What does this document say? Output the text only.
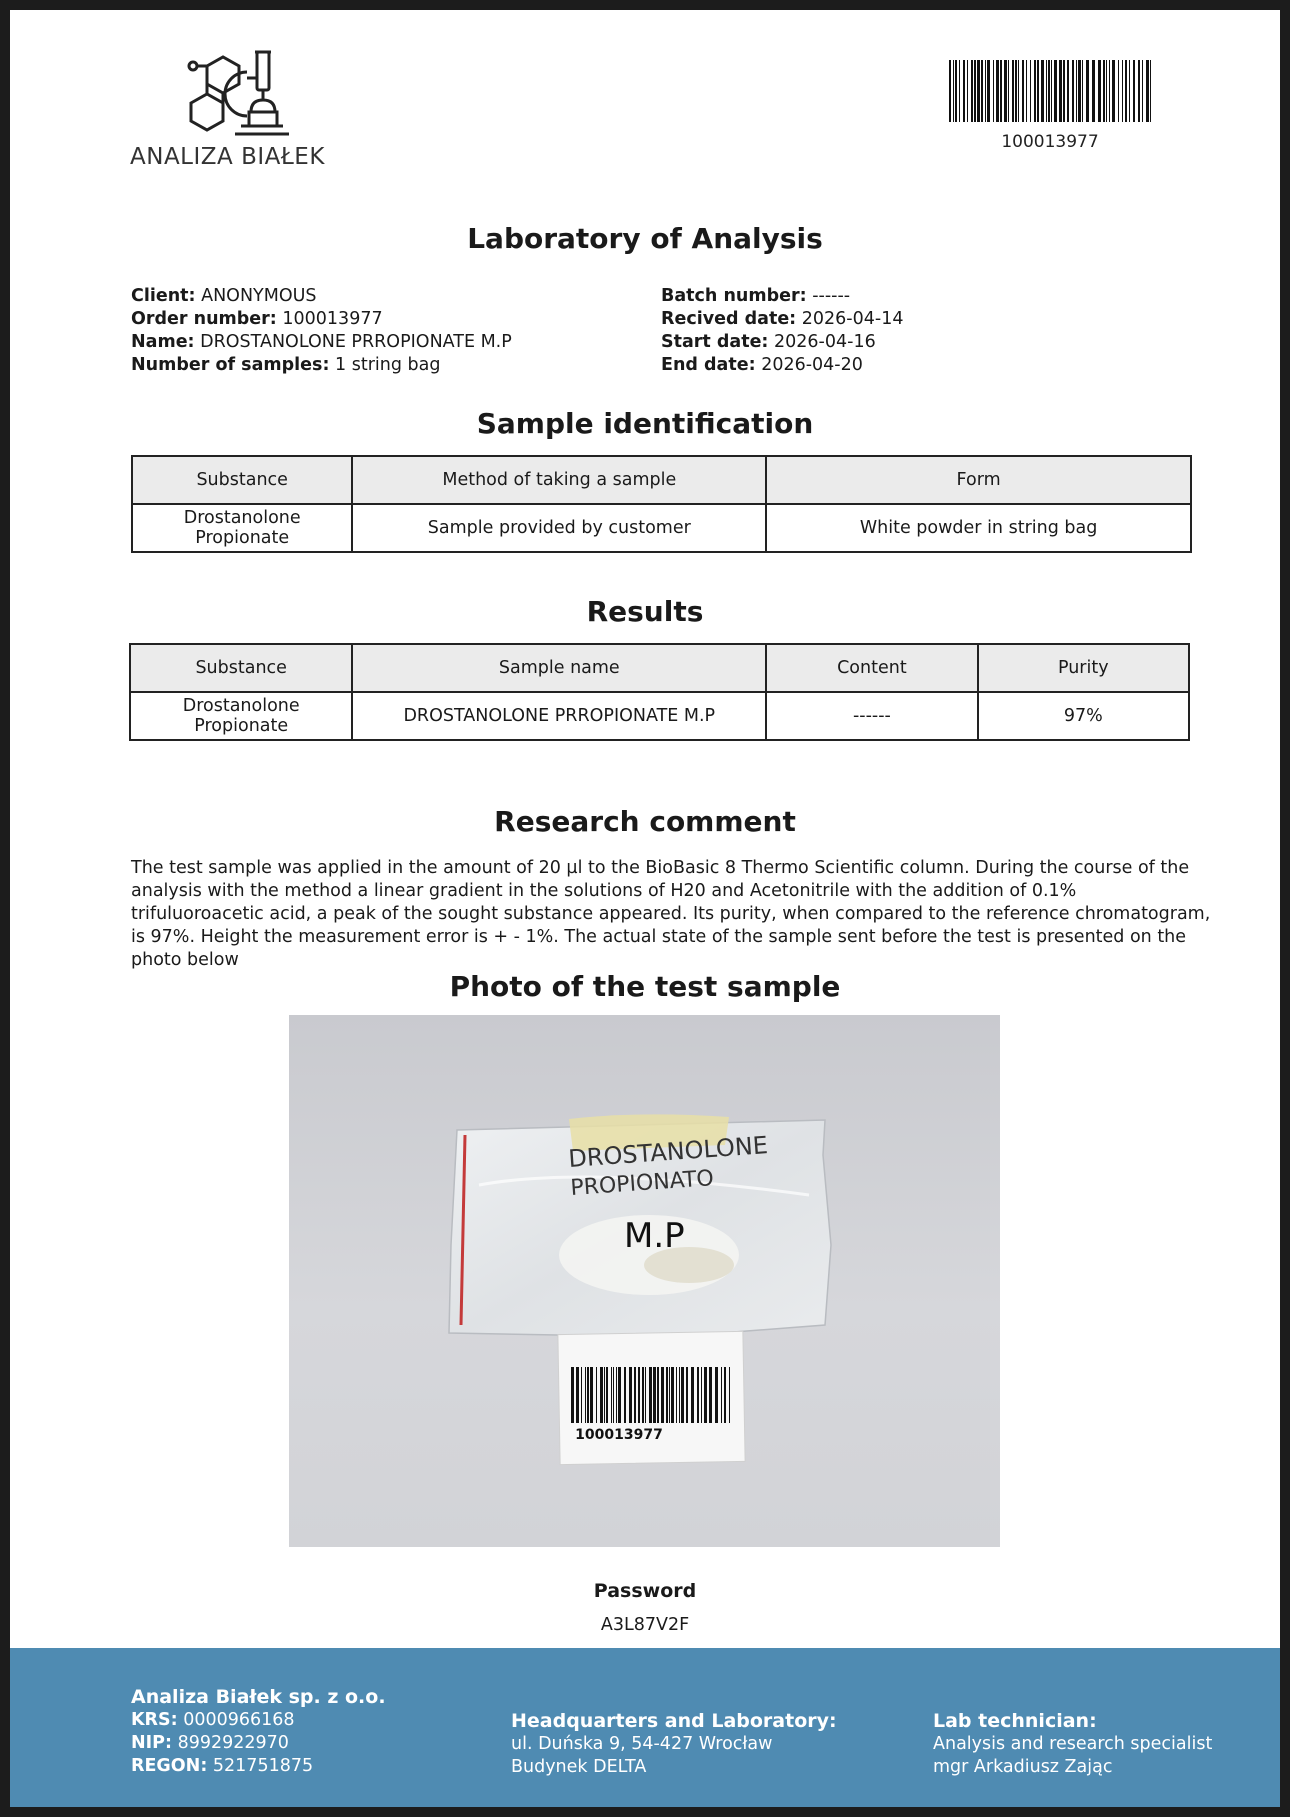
ANALIZA BIAŁEK
100013977
Laboratory of Analysis
Client: ANONYMOUS
Order number: 100013977
Name: DROSTANOLONE PRROPIONATE M.P
Number of samples: 1 string bag
Batch number: ------
Recived date: 2026-04-14
Start date: 2026-04-16
End date: 2026-04-20
Sample identification
Substance	Method of taking a sample	Form
Drostanolone Propionate	Sample provided by customer	White powder in string bag
Results
Substance	Sample name	Content	Purity
Drostanolone Propionate	DROSTANOLONE PRROPIONATE M.P	------	97%
Research comment

The test sample was applied in the amount of 20 µl to the BioBasic 8 Thermo Scientific column. During the course of the analysis with the method a linear gradient in the solutions of H20 and Acetonitrile with the addition of 0.1% trifuluoroacetic acid, a peak of the sought substance appeared. Its purity, when compared to the reference chromatogram, is 97%. Height the measurement error is + - 1%. The actual state of the sample sent before the test is presented on the photo below

Photo of the test sample
DROSTANOLONE
PROPIONATO
M.P
100013977
Password
A3L87V2F
Analiza Białek sp. z o.o.
KRS: 0000966168
NIP: 8992922970
REGON: 521751875
Headquarters and Laboratory:
ul. Duńska 9, 54-427 Wrocław
Budynek DELTA
Lab technician:
Analysis and research specialist
mgr Arkadiusz Zając
